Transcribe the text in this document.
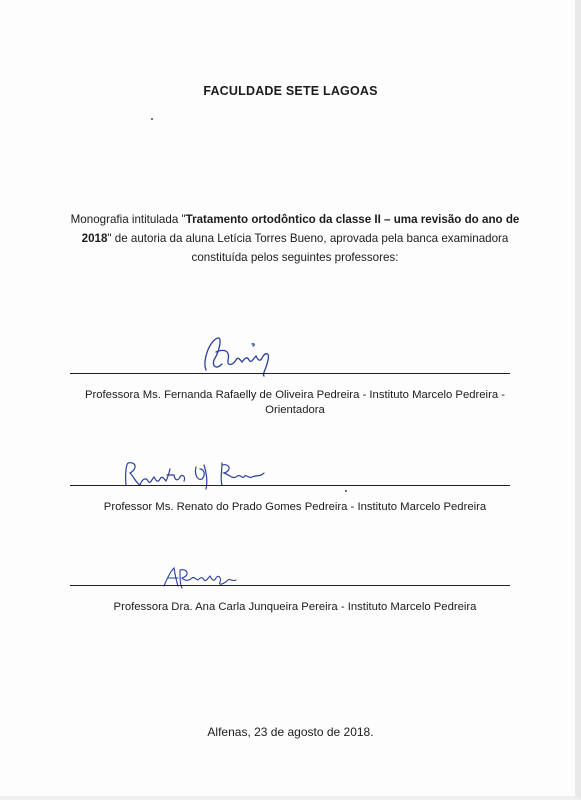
FACULDADE SETE LAGOAS
Monografia intitulada "Tratamento ortodôntico da classe II – uma revisão do ano de 2018" de autoria da aluna Letícia Torres Bueno, aprovada pela banca examinadora constituída pelos seguintes professores:
Professora Ms. Fernanda Rafaelly de Oliveira Pedreira - Instituto Marcelo Pedreira -
Orientadora
Professor Ms. Renato do Prado Gomes Pedreira - Instituto Marcelo Pedreira
Professora Dra. Ana Carla Junqueira Pereira - Instituto Marcelo Pedreira
Alfenas, 23 de agosto de 2018.
